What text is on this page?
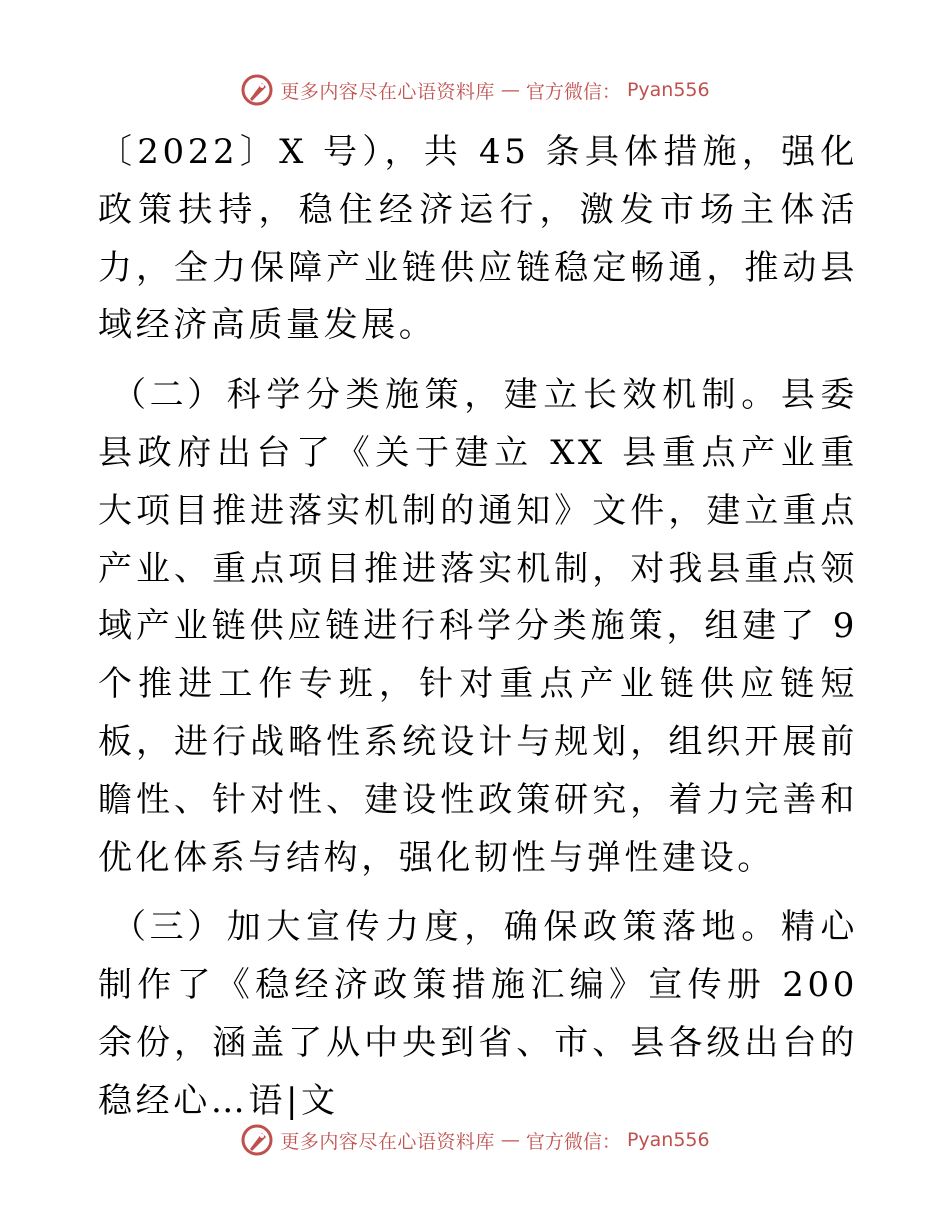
更多内容尽在心语资料库 — 官方微信： Pyan556

〔2022〕X 号），共 45 条具体措施，强化政策扶持，稳住经济运行，激发市场主体活力，全力保障产业链供应链稳定畅通，推动县域经济高质量发展。

（二）科学分类施策，建立长效机制。县委县政府出台了《关于建立 XX 县重点产业重大项目推进落实机制的通知》文件，建立重点产业、重点项目推进落实机制，对我县重点领域产业链供应链进行科学分类施策，组建了 9 个推进工作专班，针对重点产业链供应链短板，进行战略性系统设计与规划，组织开展前瞻性、针对性、建设性政策研究，着力完善和优化体系与结构，强化韧性与弹性建设。

（三）加大宣传力度，确保政策落地。精心制作了《稳经济政策措施汇编》宣传册 200 余份，涵盖了从中央到省、市、县各级出台的稳经心…语|文

更多内容尽在心语资料库 — 官方微信： Pyan556
